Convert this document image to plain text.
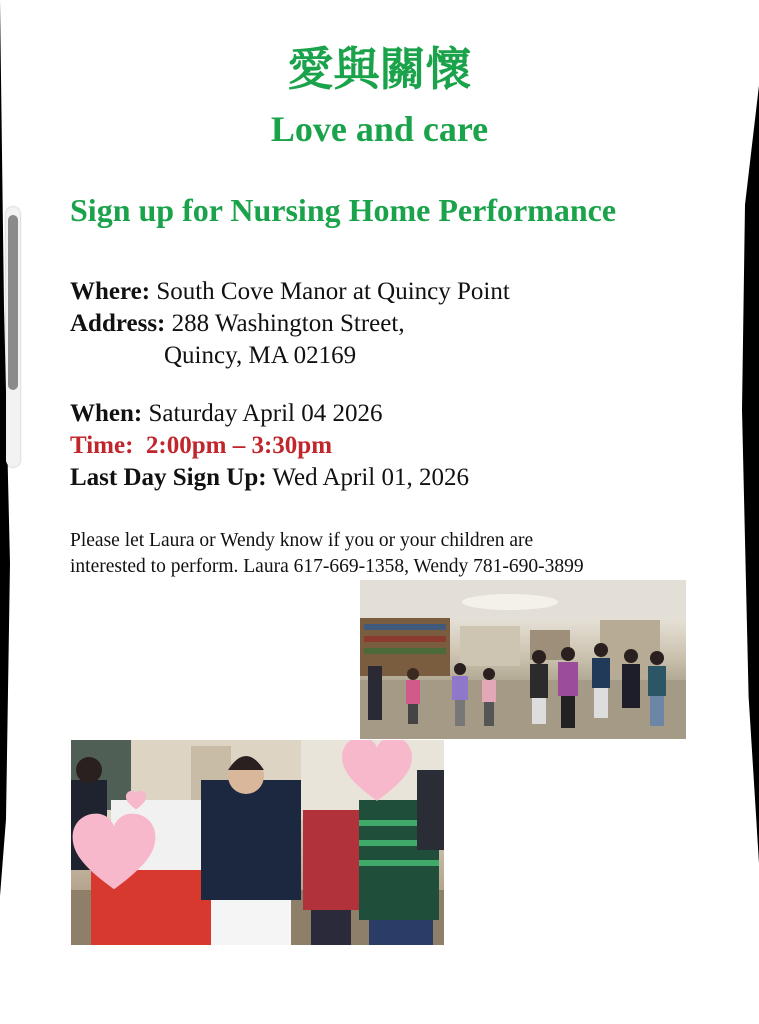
愛與關懷
Love and care
Sign up for Nursing Home Performance
Where: South Cove Manor at Quincy Point
Address: 288 Washington Street,
Quincy, MA 02169
When: Saturday April 04 2026
Time: 2:00pm – 3:30pm
Last Day Sign Up: Wed April 01, 2026
Please let Laura or Wendy know if you or your children are
interested to perform. Laura 617-669-1358, Wendy 781-690-3899
